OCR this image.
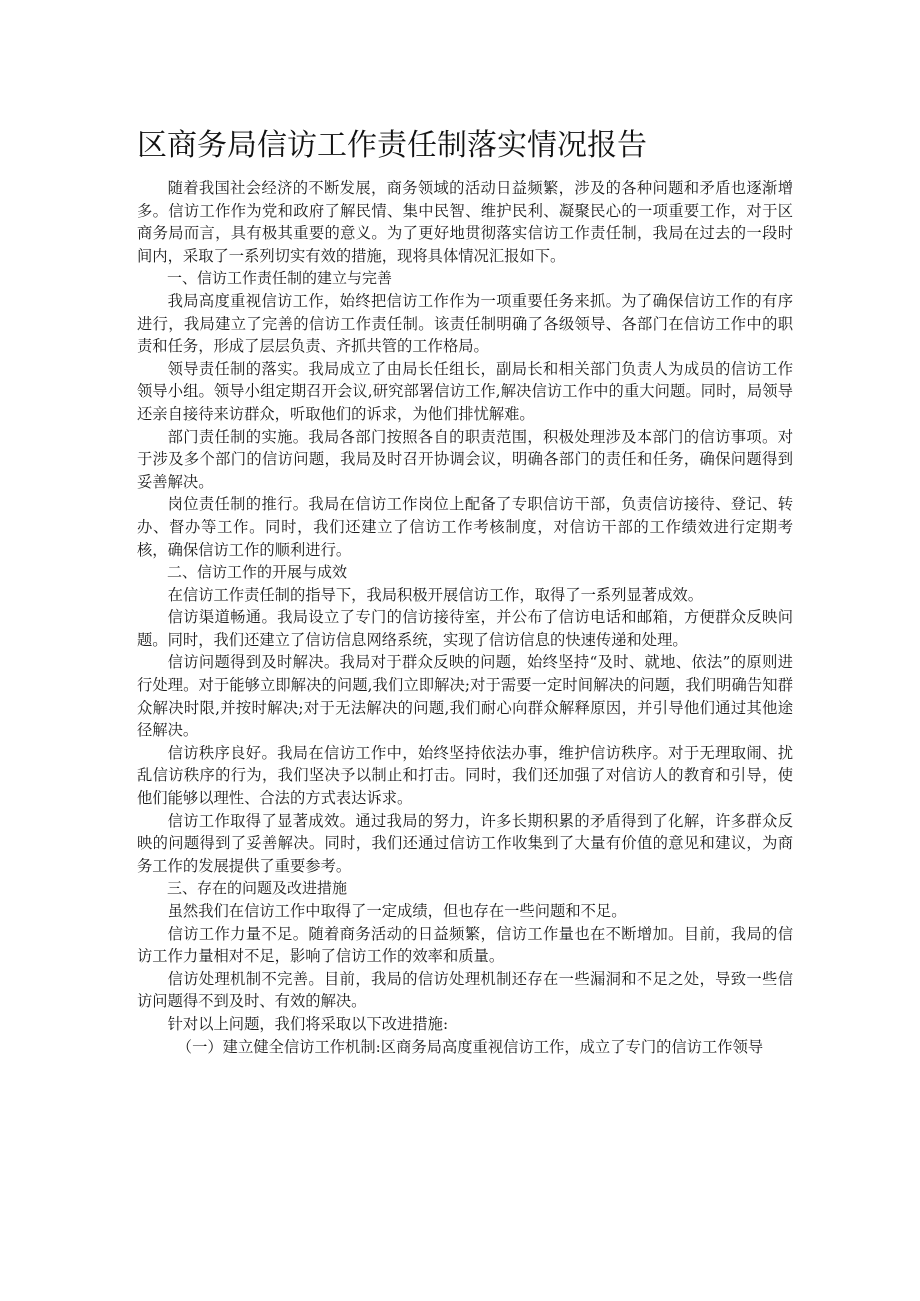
区商务局信访工作责任制落实情况报告

随着我国社会经济的不断发展，商务领域的活动日益频繁，涉及的各种问题和矛盾也逐渐增多。信访工作作为党和政府了解民情、集中民智、维护民利、凝聚民心的一项重要工作，对于区商务局而言，具有极其重要的意义。为了更好地贯彻落实信访工作责任制，我局在过去的一段时间内，采取了一系列切实有效的措施，现将具体情况汇报如下。

一、信访工作责任制的建立与完善

我局高度重视信访工作，始终把信访工作作为一项重要任务来抓。为了确保信访工作的有序进行，我局建立了完善的信访工作责任制。该责任制明确了各级领导、各部门在信访工作中的职责和任务，形成了层层负责、齐抓共管的工作格局。

领导责任制的落实。我局成立了由局长任组长，副局长和相关部门负责人为成员的信访工作领导小组。领导小组定期召开会议,研究部署信访工作,解决信访工作中的重大问题。同时，局领导还亲自接待来访群众，听取他们的诉求，为他们排忧解难。

部门责任制的实施。我局各部门按照各自的职责范围，积极处理涉及本部门的信访事项。对于涉及多个部门的信访问题，我局及时召开协调会议，明确各部门的责任和任务，确保问题得到妥善解决。

岗位责任制的推行。我局在信访工作岗位上配备了专职信访干部，负责信访接待、登记、转办、督办等工作。同时，我们还建立了信访工作考核制度，对信访干部的工作绩效进行定期考核，确保信访工作的顺利进行。

二、信访工作的开展与成效

在信访工作责任制的指导下，我局积极开展信访工作，取得了一系列显著成效。

信访渠道畅通。我局设立了专门的信访接待室，并公布了信访电话和邮箱，方便群众反映问题。同时，我们还建立了信访信息网络系统，实现了信访信息的快速传递和处理。

信访问题得到及时解决。我局对于群众反映的问题，始终坚持“及时、就地、依法”的原则进行处理。对于能够立即解决的问题,我们立即解决;对于需要一定时间解决的问题，我们明确告知群众解决时限,并按时解决;对于无法解决的问题,我们耐心向群众解释原因，并引导他们通过其他途径解决。

信访秩序良好。我局在信访工作中，始终坚持依法办事，维护信访秩序。对于无理取闹、扰乱信访秩序的行为，我们坚决予以制止和打击。同时，我们还加强了对信访人的教育和引导，使他们能够以理性、合法的方式表达诉求。

信访工作取得了显著成效。通过我局的努力，许多长期积累的矛盾得到了化解，许多群众反映的问题得到了妥善解决。同时，我们还通过信访工作收集到了大量有价值的意见和建议，为商务工作的发展提供了重要参考。

三、存在的问题及改进措施

虽然我们在信访工作中取得了一定成绩，但也存在一些问题和不足。

信访工作力量不足。随着商务活动的日益频繁，信访工作量也在不断增加。目前，我局的信访工作力量相对不足，影响了信访工作的效率和质量。

信访处理机制不完善。目前，我局的信访处理机制还存在一些漏洞和不足之处，导致一些信访问题得不到及时、有效的解决。

针对以上问题，我们将采取以下改进措施:

（一）建立健全信访工作机制:区商务局高度重视信访工作，成立了专门的信访工作领导
